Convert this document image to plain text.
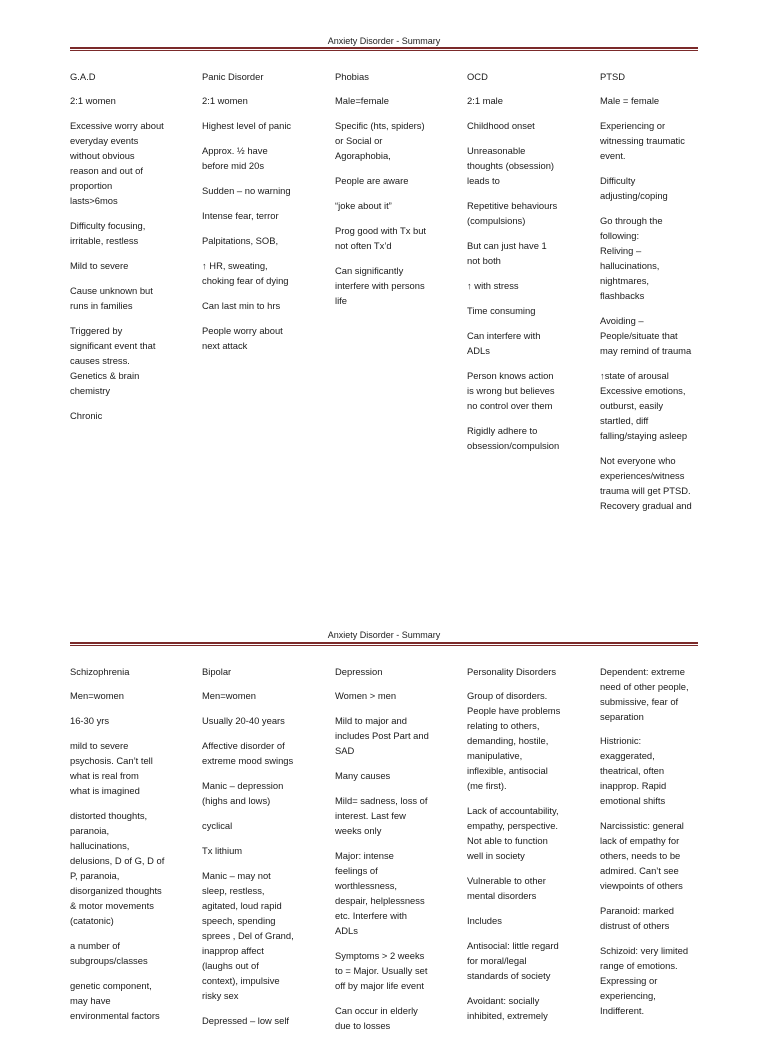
Anxiety Disorder - Summary

G.A.D

2:1 women

Excessive worry about
everyday events
without obvious
reason and out of
proportion
lasts>6mos

Difficulty focusing,
irritable, restless

Mild to severe

Cause unknown but
runs in families

Triggered by
significant event that
causes stress.
Genetics & brain
chemistry

Chronic

Panic Disorder

2:1 women

Highest level of panic

Approx. ½ have
before mid 20s

Sudden – no warning

Intense fear, terror

Palpitations, SOB,

↑ HR, sweating,
choking fear of dying

Can last min to hrs

People worry about
next attack

Phobias

Male=female

Specific (hts, spiders)
or Social or
Agoraphobia,

People are aware

“joke about it”

Prog good with Tx but
not often Tx’d

Can significantly
interfere with persons
life

OCD

2:1 male

Childhood onset

Unreasonable
thoughts (obsession)
leads to

Repetitive behaviours
(compulsions)

But can just have 1
not both

↑ with stress

Time consuming

Can interfere with
ADLs

Person knows action
is wrong but believes
no control over them

Rigidly adhere to
obsession/compulsion

PTSD

Male = female

Experiencing or
witnessing traumatic
event.

Difficulty
adjusting/coping

Go through the
following:
Reliving –
hallucinations,
nightmares,
flashbacks

Avoiding –
People/situate that
may remind of trauma

↑state of arousal
Excessive emotions,
outburst, easily
startled, diff
falling/staying asleep

Not everyone who
experiences/witness
trauma will get PTSD.
Recovery gradual and

Anxiety Disorder - Summary

Schizophrenia

Men=women

16-30 yrs

mild to severe
psychosis. Can’t tell
what is real from
what is imagined

distorted thoughts,
paranoia,
hallucinations,
delusions, D of G, D of
P, paranoia,
disorganized thoughts
& motor movements
(catatonic)

a number of
subgroups/classes

genetic component,
may have
environmental factors

Bipolar

Men=women

Usually 20-40 years

Affective disorder of
extreme mood swings

Manic – depression
(highs and lows)

cyclical

Tx lithium

Manic – may not
sleep, restless,
agitated, loud rapid
speech, spending
sprees , Del of Grand,
inapprop affect
(laughs out of
context), impulsive
risky sex

Depressed – low self

Depression

Women > men

Mild to major and
includes Post Part and
SAD

Many causes

Mild= sadness, loss of
interest. Last few
weeks only

Major: intense
feelings of
worthlessness,
despair, helplessness
etc. Interfere with
ADLs

Symptoms > 2 weeks
to = Major. Usually set
off by major life event

Can occur in elderly
due to losses

Personality Disorders

Group of disorders.
People have problems
relating to others,
demanding, hostile,
manipulative,
inflexible, antisocial
(me first).

Lack of accountability,
empathy, perspective.
Not able to function
well in society

Vulnerable to other
mental disorders

Includes

Antisocial: little regard
for moral/legal
standards of society

Avoidant: socially
inhibited, extremely

Dependent: extreme
need of other people,
submissive, fear of
separation

Histrionic:
exaggerated,
theatrical, often
inapprop. Rapid
emotional shifts

Narcissistic: general
lack of empathy for
others, needs to be
admired. Can’t see
viewpoints of others

Paranoid: marked
distrust of others

Schizoid: very limited
range of emotions.
Expressing or
experiencing,
Indifferent.
